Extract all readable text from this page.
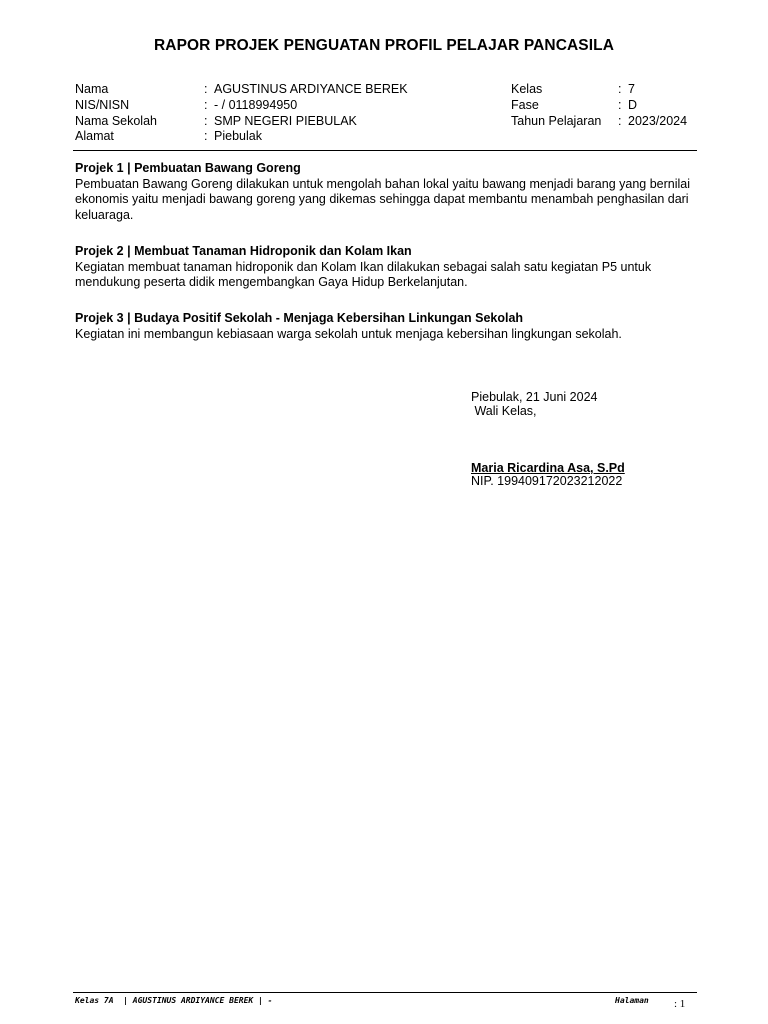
RAPOR PROJEK PENGUATAN PROFIL PELAJAR PANCASILA
Nama	: AGUSTINUS ARDIYANCE BEREK
NIS/NISN	: - / 0118994950
Nama Sekolah	: SMP NEGERI PIEBULAK
Alamat	: Piebulak
Kelas	: 7
Fase	: D
Tahun Pelajaran : 2023/2024
Projek 1 | Pembuatan Bawang Goreng

Pembuatan Bawang Goreng dilakukan untuk mengolah bahan lokal yaitu bawang menjadi barang yang bernilai ekonomis yaitu menjadi bawang goreng yang dikemas sehingga dapat membantu menambah penghasilan dari keluaraga.

Projek 2 | Membuat Tanaman Hidroponik dan Kolam Ikan

Kegiatan membuat tanaman hidroponik dan Kolam Ikan dilakukan sebagai salah satu kegiatan P5 untuk mendukung peserta didik mengembangkan Gaya Hidup Berkelanjutan.

Projek 3 | Budaya Positif Sekolah - Menjaga Kebersihan Linkungan Sekolah

Kegiatan ini membangun kebiasaan warga sekolah untuk menjaga kebersihan lingkungan sekolah.

Piebulak, 21 Juni 2024
Wali Kelas,
Maria Ricardina Asa, S.Pd
NIP. 199409172023212022
Kelas 7A  | AGUSTINUS ARDIYANCE BEREK | -	Halaman : 1
